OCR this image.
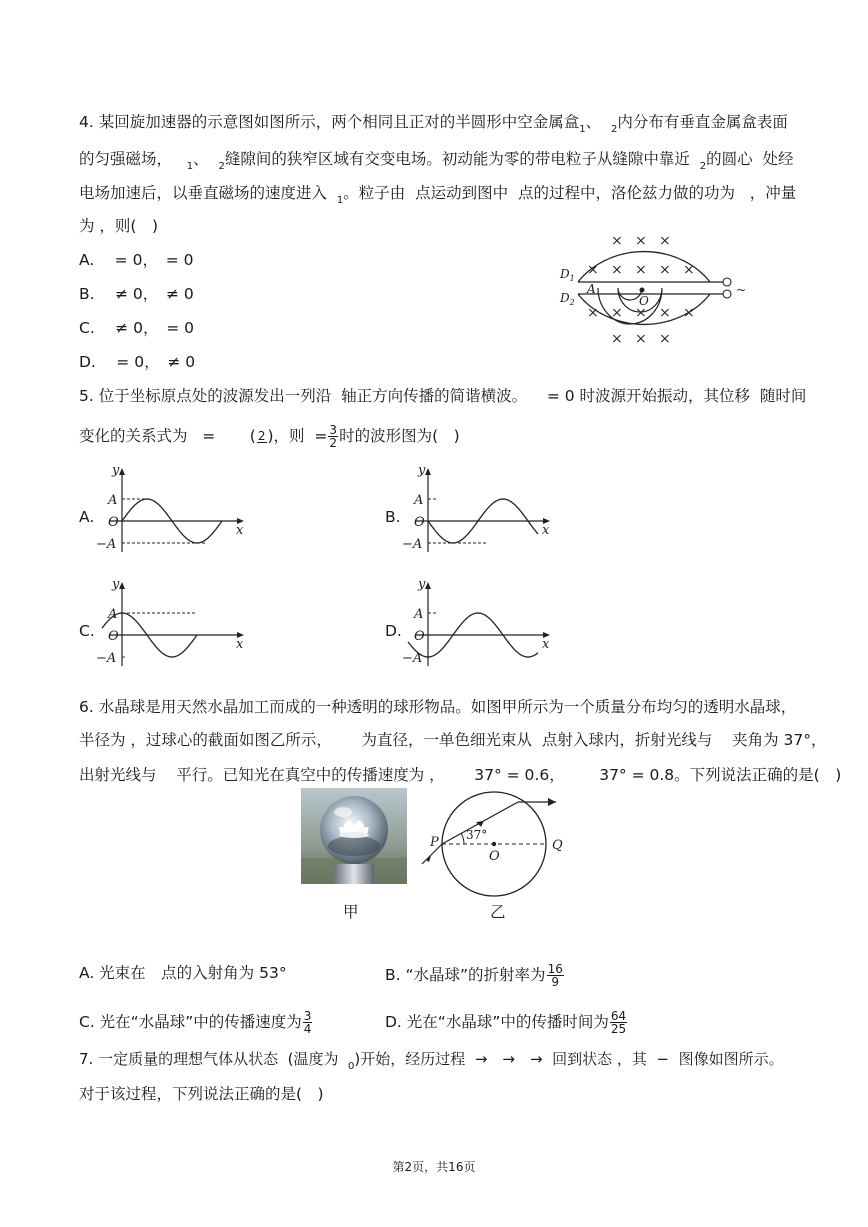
4. 某回旋加速器的示意图如图所示，两个相同且正对的半圆形中空金属盒$_1$、 $_2$内分布有垂直金属盒表面
的匀强磁场， $_1$、 $_2$缝隙间的狭窄区域有交变电场。初动能为零的带电粒子从缝隙中靠近 $_2$的圆心 处经
电场加速后，以垂直磁场的速度进入 $_1$。粒子由 点运动到图中 点的过程中，洛伦兹力做的功为 ，冲量
为 ，则(　)
A. 　= 0，　= 0
B. 　≠ 0，　≠ 0
C. 　≠ 0，　= 0
D. 　= 0，　≠ 0
~
O
A
$D_1$
$D_2$
× × ×
× × × × ×
× × × × ×
× × ×
5. 位于坐标原点处的波源发出一列沿 轴正方向传播的简谐横波。 = 0 时波源开始振动，其位移 随时间
变化的关系式为 = ( 2 )，则 = $\frac{3}{2}$ 时的波形图为(　)
A.	B.
C.	D.
y
x
A
O
−A
y
x
A
O
−A
y
x
A
O
−A
y
x
A
O
−A
6. 水晶球是用天然水晶加工而成的一种透明的球形物品。如图甲所示为一个质量分布均匀的透明水晶球，
半径为 ，过球心的截面如图乙所示， 为直径，一单色细光束从 点射入球内，折射光线与 夹角为 37°，
出射光线与 平行。已知光在真空中的传播速度为 ， 37° = 0.6， 37° = 0.8。下列说法正确的是(　)
甲
37°
P	Q
O
乙
A. 光束在　点的入射角为 53°	B. “水晶球”的折射率为 $\frac{16}{9}$
C. 光在“水晶球”中的传播速度为 $\frac{3}{4}$	D. 光在“水晶球”中的传播时间为 $\frac{64}{25}$
7. 一定质量的理想气体从状态 (温度为 $_0$)开始，经历过程 →　→　→ 回到状态 ，其 − 图像如图所示。
对于该过程，下列说法正确的是(　)
第2页，共16页
